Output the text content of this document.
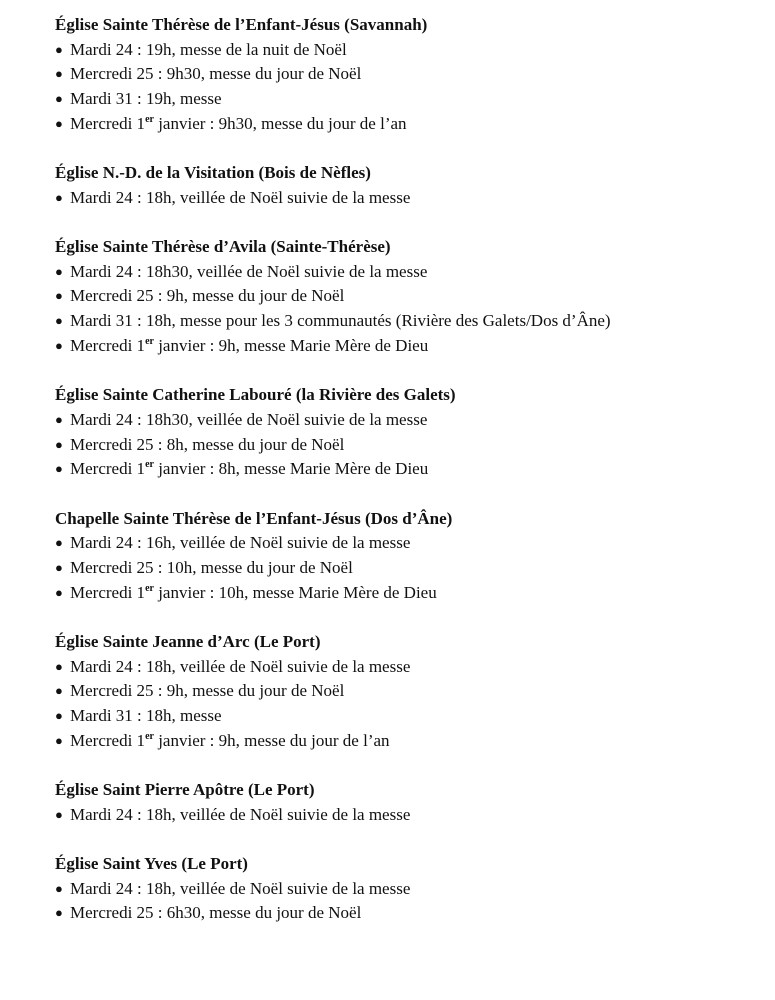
Église Sainte Thérèse de l’Enfant-Jésus (Savannah)
● Mardi 24 : 19h, messe de la nuit de Noël
● Mercredi 25 : 9h30, messe du jour de Noël
● Mardi 31 : 19h, messe
● Mercredi 1er janvier : 9h30, messe du jour de l’an
Église N.-D. de la Visitation (Bois de Nèfles)
● Mardi 24 : 18h, veillée de Noël suivie de la messe
Église Sainte Thérèse d’Avila (Sainte-Thérèse)
● Mardi 24 : 18h30, veillée de Noël suivie de la messe
● Mercredi 25 : 9h, messe du jour de Noël
● Mardi 31 : 18h, messe pour les 3 communautés (Rivière des Galets/Dos d’Âne)
● Mercredi 1er janvier : 9h, messe Marie Mère de Dieu
Église Sainte Catherine Labouré (la Rivière des Galets)
● Mardi 24 : 18h30, veillée de Noël suivie de la messe
● Mercredi 25 : 8h, messe du jour de Noël
● Mercredi 1er janvier : 8h, messe Marie Mère de Dieu
Chapelle Sainte Thérèse de l’Enfant-Jésus (Dos d’Âne)
● Mardi 24 : 16h, veillée de Noël suivie de la messe
● Mercredi 25 : 10h, messe du jour de Noël
● Mercredi 1er janvier : 10h, messe Marie Mère de Dieu
Église Sainte Jeanne d’Arc (Le Port)
● Mardi 24 : 18h, veillée de Noël suivie de la messe
● Mercredi 25 : 9h, messe du jour de Noël
● Mardi 31 : 18h, messe
● Mercredi 1er janvier : 9h, messe du jour de l’an
Église Saint Pierre Apôtre (Le Port)
● Mardi 24 : 18h, veillée de Noël suivie de la messe
Église Saint Yves (Le Port)
● Mardi 24 : 18h, veillée de Noël suivie de la messe
● Mercredi 25 : 6h30, messe du jour de Noël
